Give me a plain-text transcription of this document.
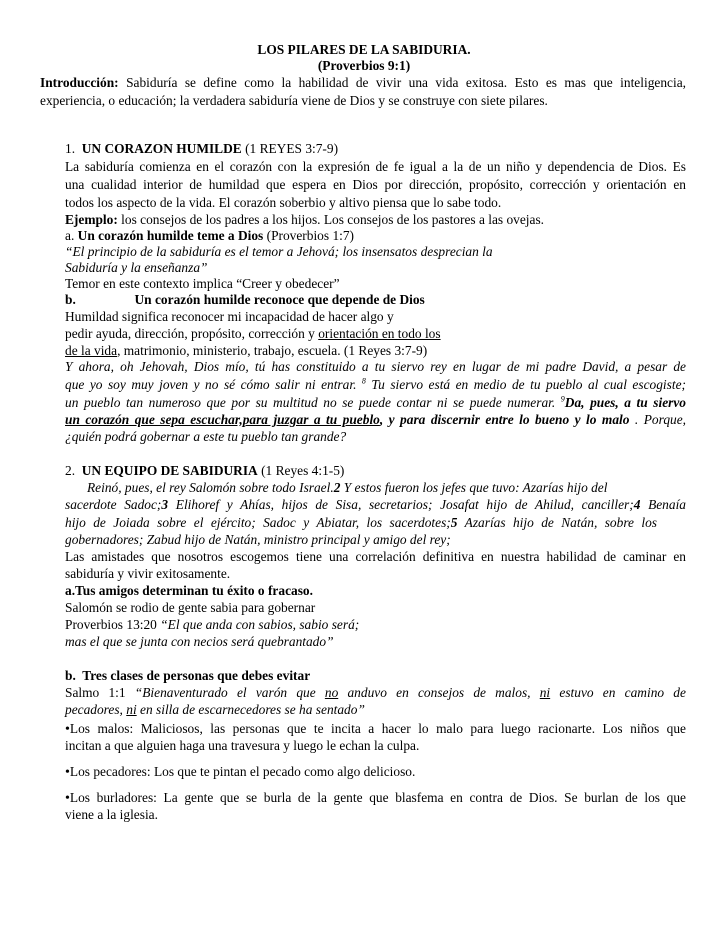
LOS PILARES DE LA SABIDURIA.
(Proverbios 9:1)
Introducción: Sabiduría se define como la habilidad de vivir una vida exitosa. Esto es mas que inteligencia,
experiencia, o educación; la verdadera sabiduría viene de Dios y se construye con siete pilares.
1. UN CORAZON HUMILDE (1 REYES 3:7-9)
La sabiduría comienza en el corazón con la expresión de fe igual a la de un niño y dependencia de Dios. Es
una cualidad interior de humildad que espera en Dios por dirección, propósito, corrección y orientación en
todos los aspecto de la vida. El corazón soberbio y altivo piensa que lo sabe todo.
Ejemplo: los consejos de los padres a los hijos. Los consejos de los pastores a las ovejas.
a. Un corazón humilde teme a Dios (Proverbios 1:7)
“El principio de la sabiduría es el temor a Jehová; los insensatos desprecian la
Sabiduría y la enseñanza”
Temor en este contexto implica “Creer y obedecer”
b.	Un corazón humilde reconoce que depende de Dios
Humildad significa reconocer mi incapacidad de hacer algo y
pedir ayuda, dirección, propósito, corrección y orientación en todo los
de la vida, matrimonio, ministerio, trabajo, escuela. (1 Reyes 3:7-9)
Y ahora, oh Jehovah, Dios mío, tú has constituido a tu siervo rey en lugar de mi padre David, a pesar de
que yo soy muy joven y no sé cómo salir ni entrar. $^8$ Tu siervo está en medio de tu pueblo al cual escogiste;
un pueblo tan numeroso que por su multitud no se puede contar ni se puede numerar. $^9$Da, pues, a tu siervo
un corazón que sepa escuchar,para juzgar a tu pueblo, y para discernir entre lo bueno y lo malo . Porque,
¿quién podrá gobernar a este tu pueblo tan grande?
2. UN EQUIPO DE SABIDURIA (1 Reyes 4:1-5)
Reinó, pues, el rey Salomón sobre todo Israel.2 Y estos fueron los jefes que tuvo: Azarías hijo del
sacerdote Sadoc;3 Elihoref y Ahías, hijos de Sisa, secretarios; Josafat hijo de Ahilud, canciller;4 Benaía
hijo de Joiada sobre el ejército; Sadoc y Abiatar, los sacerdotes;5 Azarías hijo de Natán, sobre los
gobernadores; Zabud hijo de Natán, ministro principal y amigo del rey;
Las amistades que nosotros escogemos tiene una correlación definitiva en nuestra habilidad de caminar en
sabiduría y vivir exitosamente.
a.Tus amigos determinan tu éxito o fracaso.
Salomón se rodio de gente sabia para gobernar
Proverbios 13:20 “El que anda con sabios, sabio será;
mas el que se junta con necios será quebrantado”
b. Tres clases de personas que debes evitar
Salmo 1:1 “Bienaventurado el varón que no anduvo en consejos de malos, ni estuvo en camino de
pecadores, ni en silla de escarnecedores se ha sentado”
•Los malos: Maliciosos, las personas que te incita a hacer lo malo para luego racionarte. Los niños que
incitan a que alguien haga una travesura y luego le echan la culpa.
•Los pecadores: Los que te pintan el pecado como algo delicioso.
•Los burladores: La gente que se burla de la gente que blasfema en contra de Dios. Se burlan de los que
viene a la iglesia.
